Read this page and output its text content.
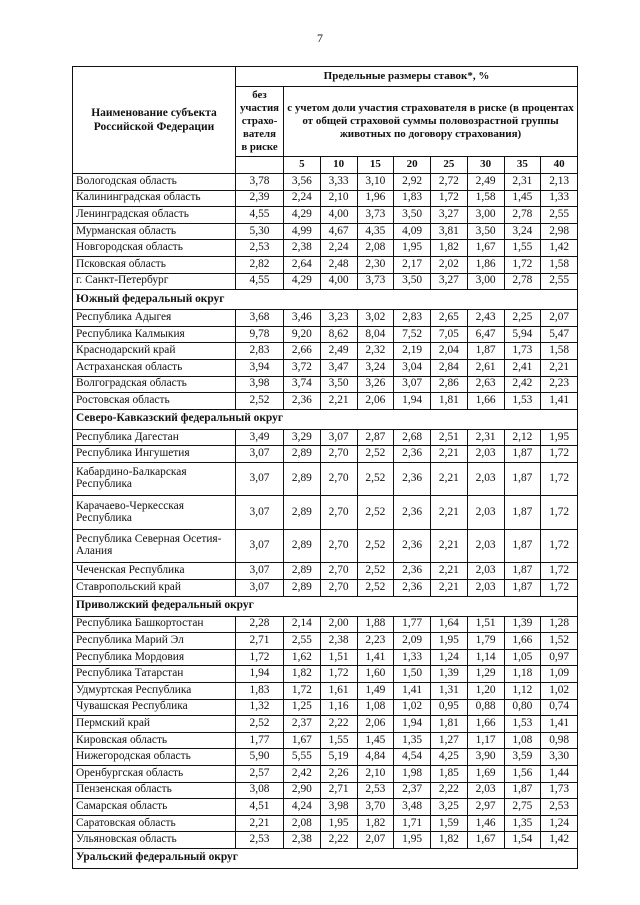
7
Наименование субъекта Российской Федерации	Предельные размеры ставок*, %								
	без участия страхо-вателя в риске	с учетом доли участия страхователя в риске (в процентах от общей страховой суммы половозрастной группы животных по договору страхования)							
		5	10	15	20	25	30	35	40
Вологодская область	3,78	3,56	3,33	3,10	2,92	2,72	2,49	2,31	2,13
Калининградская область	2,39	2,24	2,10	1,96	1,83	1,72	1,58	1,45	1,33
Ленинградская область	4,55	4,29	4,00	3,73	3,50	3,27	3,00	2,78	2,55
Мурманская область	5,30	4,99	4,67	4,35	4,09	3,81	3,50	3,24	2,98
Новгородская область	2,53	2,38	2,24	2,08	1,95	1,82	1,67	1,55	1,42
Псковская область	2,82	2,64	2,48	2,30	2,17	2,02	1,86	1,72	1,58
г. Санкт-Петербург	4,55	4,29	4,00	3,73	3,50	3,27	3,00	2,78	2,55
Южный федеральный округ									
Республика Адыгея	3,68	3,46	3,23	3,02	2,83	2,65	2,43	2,25	2,07
Республика Калмыкия	9,78	9,20	8,62	8,04	7,52	7,05	6,47	5,94	5,47
Краснодарский край	2,83	2,66	2,49	2,32	2,19	2,04	1,87	1,73	1,58
Астраханская область	3,94	3,72	3,47	3,24	3,04	2,84	2,61	2,41	2,21
Волгоградская область	3,98	3,74	3,50	3,26	3,07	2,86	2,63	2,42	2,23
Ростовская область	2,52	2,36	2,21	2,06	1,94	1,81	1,66	1,53	1,41
Северо-Кавказский федеральный округ									
Республика Дагестан	3,49	3,29	3,07	2,87	2,68	2,51	2,31	2,12	1,95
Республика Ингушетия	3,07	2,89	2,70	2,52	2,36	2,21	2,03	1,87	1,72
Кабардино-Балкарская Республика	3,07	2,89	2,70	2,52	2,36	2,21	2,03	1,87	1,72
Карачаево-Черкесская Республика	3,07	2,89	2,70	2,52	2,36	2,21	2,03	1,87	1,72
Республика Северная Осетия-Алания	3,07	2,89	2,70	2,52	2,36	2,21	2,03	1,87	1,72
Чеченская Республика	3,07	2,89	2,70	2,52	2,36	2,21	2,03	1,87	1,72
Ставропольский край	3,07	2,89	2,70	2,52	2,36	2,21	2,03	1,87	1,72
Приволжский федеральный округ									
Республика Башкортостан	2,28	2,14	2,00	1,88	1,77	1,64	1,51	1,39	1,28
Республика Марий Эл	2,71	2,55	2,38	2,23	2,09	1,95	1,79	1,66	1,52
Республика Мордовия	1,72	1,62	1,51	1,41	1,33	1,24	1,14	1,05	0,97
Республика Татарстан	1,94	1,82	1,72	1,60	1,50	1,39	1,29	1,18	1,09
Удмуртская Республика	1,83	1,72	1,61	1,49	1,41	1,31	1,20	1,12	1,02
Чувашская Республика	1,32	1,25	1,16	1,08	1,02	0,95	0,88	0,80	0,74
Пермский край	2,52	2,37	2,22	2,06	1,94	1,81	1,66	1,53	1,41
Кировская область	1,77	1,67	1,55	1,45	1,35	1,27	1,17	1,08	0,98
Нижегородская область	5,90	5,55	5,19	4,84	4,54	4,25	3,90	3,59	3,30
Оренбургская область	2,57	2,42	2,26	2,10	1,98	1,85	1,69	1,56	1,44
Пензенская область	3,08	2,90	2,71	2,53	2,37	2,22	2,03	1,87	1,73
Самарская область	4,51	4,24	3,98	3,70	3,48	3,25	2,97	2,75	2,53
Саратовская область	2,21	2,08	1,95	1,82	1,71	1,59	1,46	1,35	1,24
Ульяновская область	2,53	2,38	2,22	2,07	1,95	1,82	1,67	1,54	1,42
Уральский федеральный округ									
